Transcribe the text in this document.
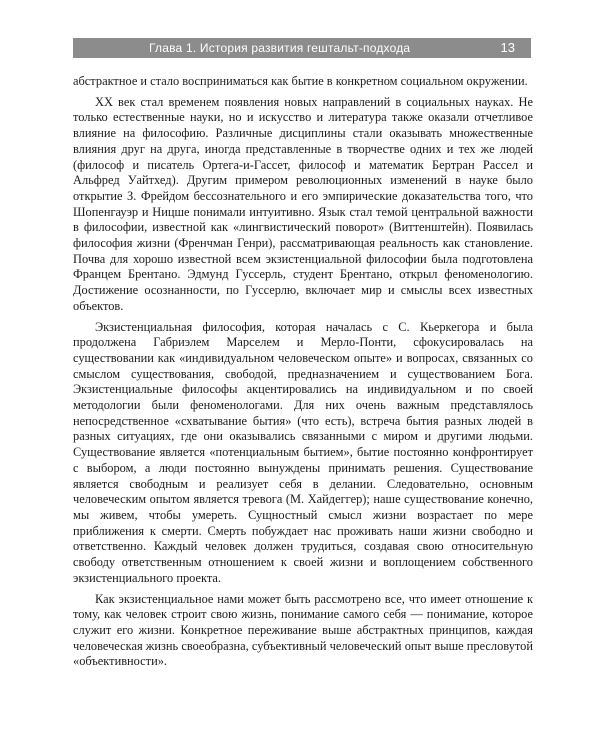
Глава 1. История развития гештальт-подхода	13

абстрактное и стало восприниматься как бытие в конкретном социальном окружении.

XX век стал временем появления новых направлений в социальных науках. Не только естественные науки, но и искусство и литература также оказали отчетливое влияние на философию. Различные дисциплины стали оказывать множественные влияния друг на друга, иногда представленные в творчестве одних и тех же людей (философ и писатель Ортега-и-Гассет, философ и математик Бертран Рассел и Альфред Уайтхед). Другим примером революционных изменений в науке было открытие З. Фрейдом бессознательного и его эмпирические доказательства того, что Шопенгауэр и Ницше понимали интуитивно. Язык стал темой центральной важности в философии, известной как «лингвистический поворот» (Виттенштейн). Появилась философия жизни (Френчман Генри), рассматривающая реальность как становление. Почва для хорошо известной всем экзистенциальной философии была подготовлена Францем Брентано. Эдмунд Гуссерль, студент Брентано, открыл феноменологию. Достижение осознанности, по Гуссерлю, включает мир и смыслы всех известных объектов.

Экзистенциальная философия, которая началась с С. Кьеркегора и была продолжена Габриэлем Марселем и Мерло-Понти, сфокусировалась на существовании как «индивидуальном человеческом опыте» и вопросах, связанных со смыслом существования, свободой, предназначением и существованием Бога. Экзистенциальные философы акцентировались на индивидуальном и по своей методологии были феноменологами. Для них очень важным представлялось непосредственное «схватывание бытия» (что есть), встреча бытия разных людей в разных ситуациях, где они оказывались связанными с миром и другими людьми. Существование является «потенциальным бытием», бытие постоянно конфронтирует с выбором, а люди постоянно вынуждены принимать решения. Существование является свободным и реализует себя в делании. Следовательно, основным человеческим опытом является тревога (М. Хайдеггер); наше существование конечно, мы живем, чтобы умереть. Сущностный смысл жизни возрастает по мере приближения к смерти. Смерть побуждает нас проживать наши жизни свободно и ответственно. Каждый человек должен трудиться, создавая свою относительную свободу ответственным отношением к своей жизни и воплощением собственного экзистенциального проекта.

Как экзистенциальное нами может быть рассмотрено все, что имеет отношение к тому, как человек строит свою жизнь, понимание самого себя — понимание, которое служит его жизни. Конкретное переживание выше абстрактных принципов, каждая человеческая жизнь своеобразна, субъективный человеческий опыт выше пресловутой «объективности».
